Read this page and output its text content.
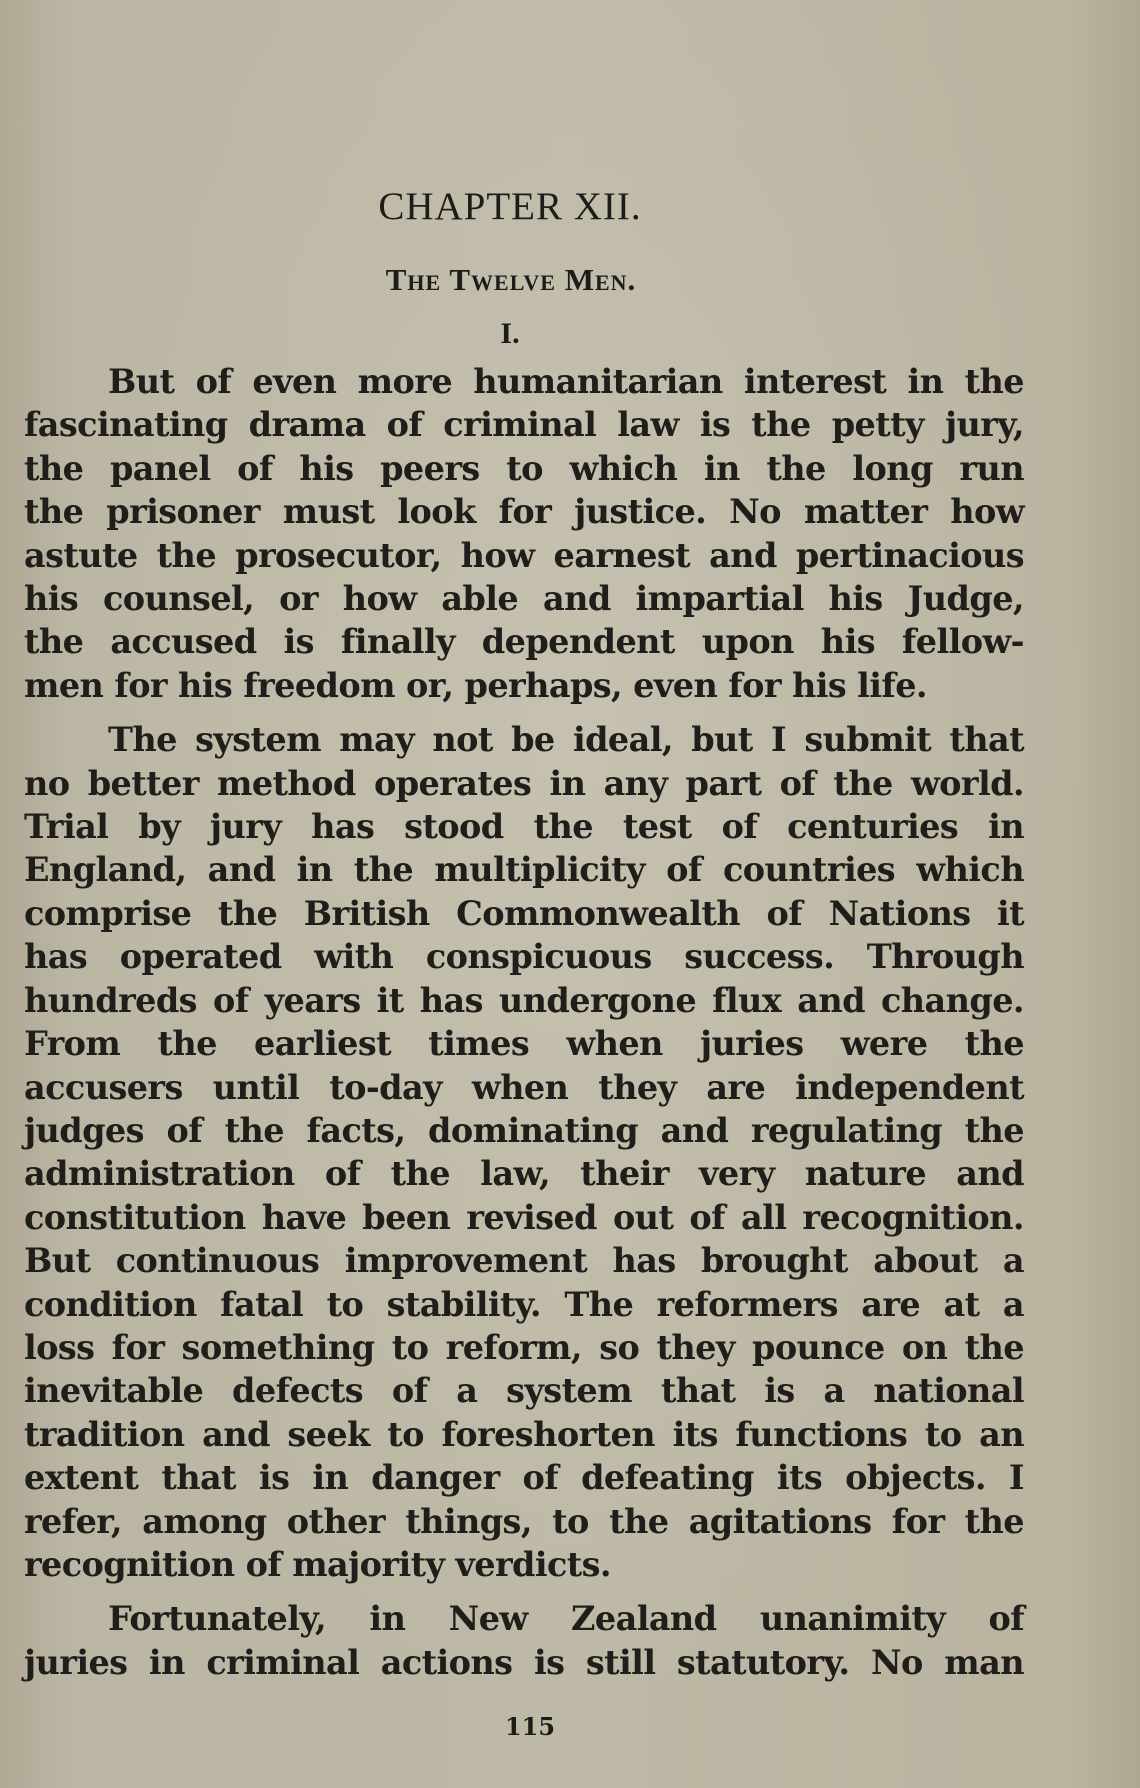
CHAPTER XII.
The Twelve Men.
I.

But of even more humanitarian interest in the
fascinating drama of criminal law is the petty jury,
the panel of his peers to which in the long run
the prisoner must look for justice. No matter how
astute the prosecutor, how earnest and pertinacious
his counsel, or how able and impartial his Judge,
the accused is finally dependent upon his fellow-
men for his freedom or, perhaps, even for his life.

The system may not be ideal, but I submit that
no better method operates in any part of the world.
Trial by jury has stood the test of centuries in
England, and in the multiplicity of countries which
comprise the British Commonwealth of Nations it
has operated with conspicuous success. Through
hundreds of years it has undergone flux and change.
From the earliest times when juries were the
accusers until to-day when they are independent
judges of the facts, dominating and regulating the
administration of the law, their very nature and
constitution have been revised out of all recognition.
But continuous improvement has brought about a
condition fatal to stability. The reformers are at a
loss for something to reform, so they pounce on the
inevitable defects of a system that is a national
tradition and seek to foreshorten its functions to an
extent that is in danger of defeating its objects. I
refer, among other things, to the agitations for the
recognition of majority verdicts.

Fortunately, in New Zealand unanimity of
juries in criminal actions is still statutory. No man

115
